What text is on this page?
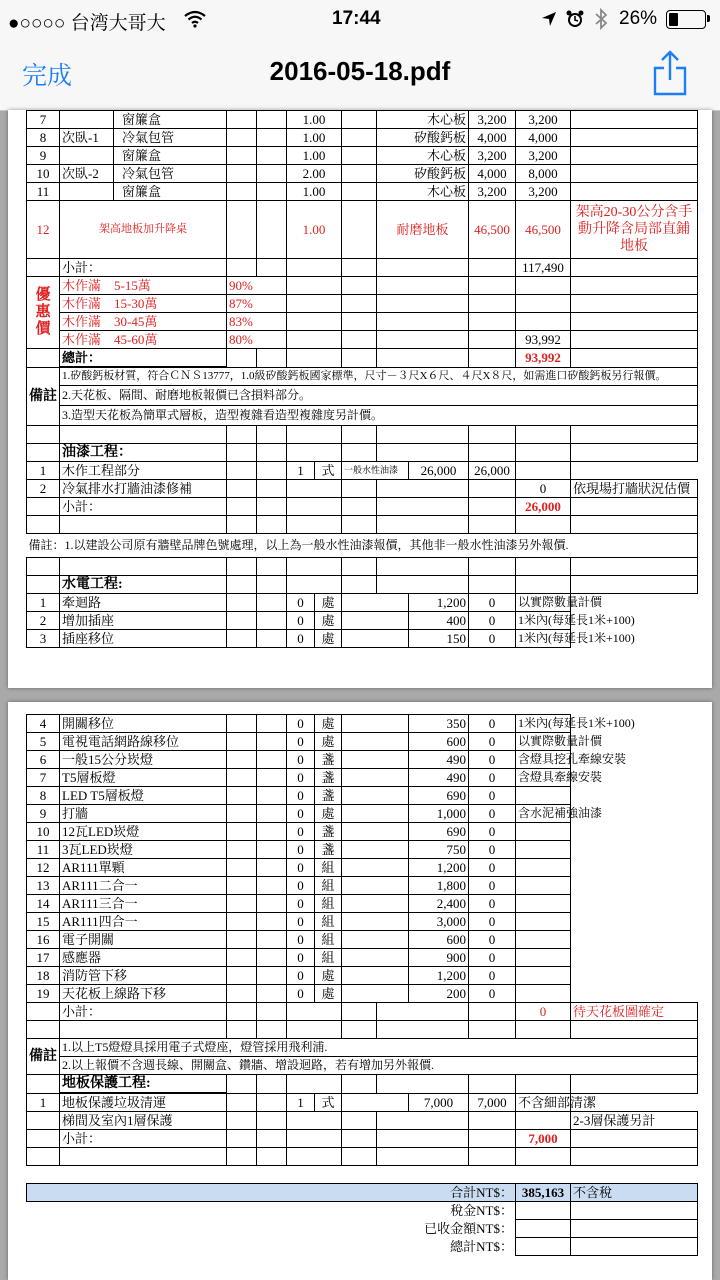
●○○○○ 台湾大哥大	17:44	26%
完成	2016-05-18.pdf
7		窗簾盒			1.00			木心板		3,200	3,200	
8	次臥-1	冷氣包管			1.00			矽酸鈣板		4,000	4,000	
9		窗簾盒			1.00			木心板		3,200	3,200	
10	次臥-2	冷氣包管			2.00			矽酸鈣板		4,000	8,000	
11		窗簾盒			1.00			木心板		3,200	3,200	
12	架高地板加升降桌				1.00			耐磨地板		46,500	46,500	架高20-30公分含手動升降含局部直鋪地板
	小計：										117,490	
優惠價	木作滿　5-15萬		90%									
	木作滿　15-30萬		87%									
	木作滿　30-45萬		83%									
	木作滿　45-60萬		80%								93,992	
	總計：										93,992	
備註	1.矽酸鈣板材質，符合ＣＮＳ13777，1.0級矽酸鈣板國家標準，尺寸－３尺X６尺、４尺X８尺，如需進口矽酸鈣板另行報價。											
	2.天花板、隔間、耐磨地板報價已含損料部分。											
	3.造型天花板為簡單式層板，造型複雜看造型複雜度另計價。											

	油漆工程：											
1	木作工程部分				1	式	一般水性油漆		26,000	26,000		
2	冷氣排水打牆油漆修補										0	依現場打牆狀況估價
	小計：										26,000	

備註：1.以建設公司原有牆壁品牌色號處理，以上為一般水性油漆報價，其他非一般水性油漆另外報價.												

	水電工程:											
1	牽迴路				0	處			1,200	0	以實際數量計價	
2	增加插座				0	處			400	0	1米內(每延長1米+100)	
3	插座移位				0	處			150	0	1米內(每延長1米+100)	
4	開關移位			0	處			350	0	1米內(每延長1米+100)	
5	電視電話網路線移位			0	處			600	0	以實際數量計價	
6	一般15公分崁燈			0	盞			490	0	含燈具挖孔牽線安裝	
7	T5層板燈			0	盞			490	0	含燈具牽線安裝	
8	LED T5層板燈			0	盞			690	0		
9	打牆			0	處			1,000	0	含水泥補強油漆	
10	12瓦LED崁燈			0	盞			690	0		
11	3瓦LED崁燈			0	盞			750	0		
12	AR111單顆			0	組			1,200	0		
13	AR111二合一			0	組			1,800	0		
14	AR111三合一			0	組			2,400	0		
15	AR111四合一			0	組			3,000	0		
16	電子開關			0	組			600	0		
17	感應器			0	組			900	0		
18	消防管下移			0	處			1,200	0		
19	天花板上線路下移			0	處			200	0		
	小計：									0	待天花板圖確定

備註	1.以上T5燈燈具採用電子式燈座，燈管採用飛利浦.										
	2.以上報價不含週長線、開關盒、鑽牆、增設迴路，若有增加另外報價.										
	地板保護工程:										
1	地板保護垃圾清運			1	式			7,000	7,000	不含細部清潔	
	梯間及室內1層保護										2-3層保護另計
	小計：									7,000	

合計NT$：										385,163	不含稅
稅金NT$：											
已收金額NT$：											
總計NT$：											
